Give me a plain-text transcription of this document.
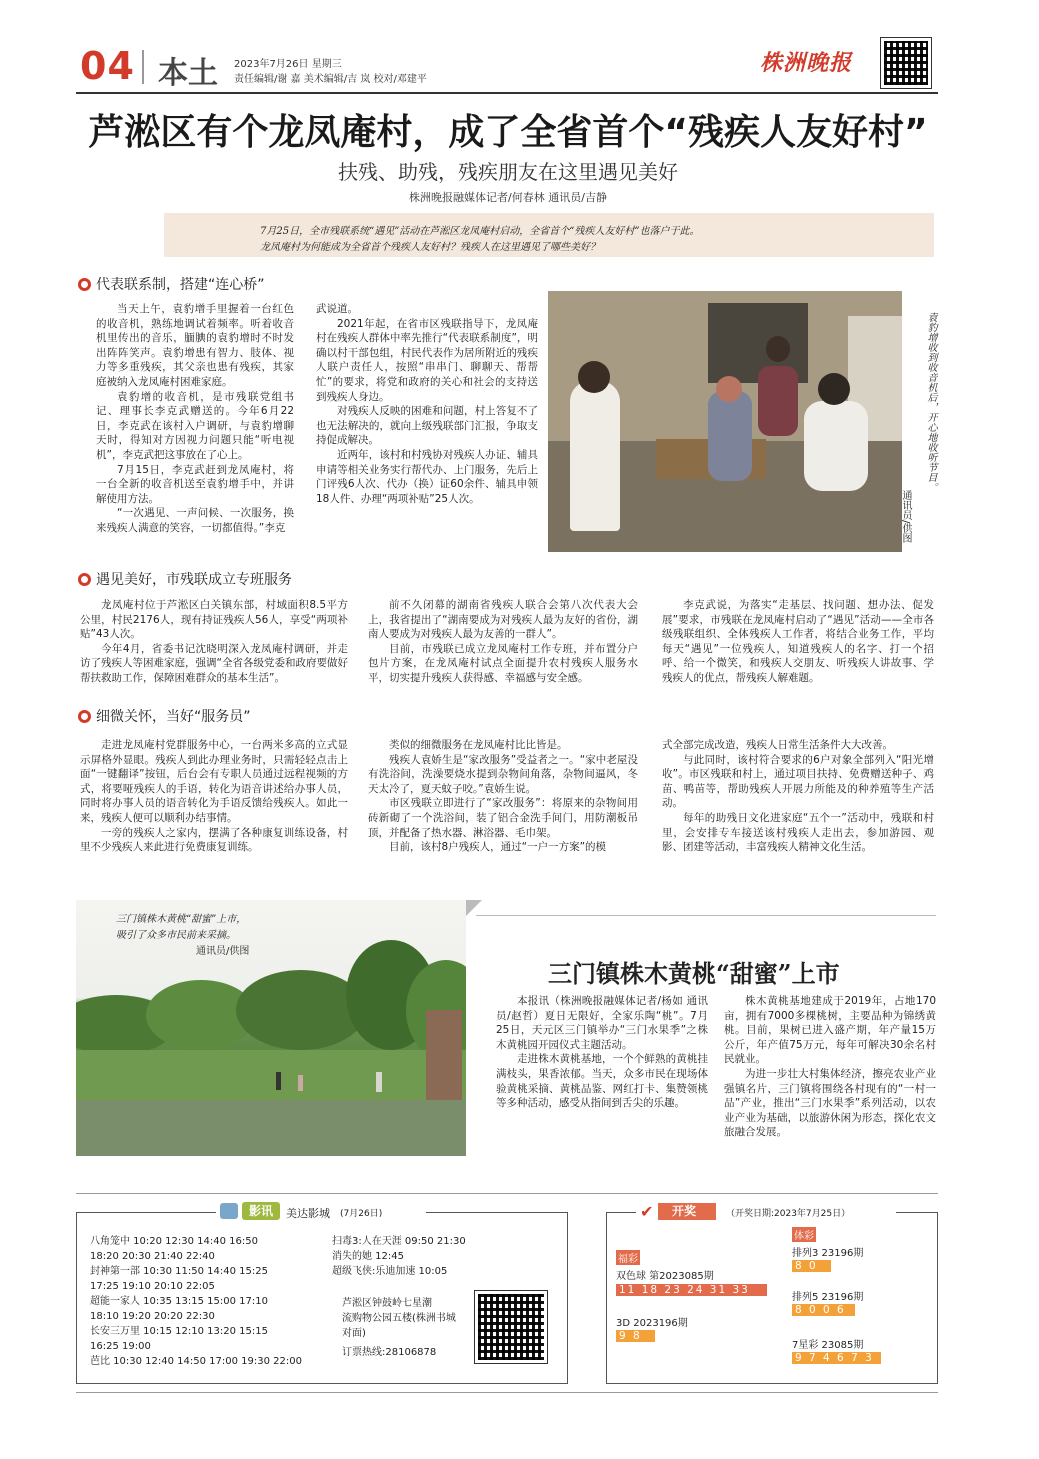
04 本土 2023年7月26日 星期三
责任编辑/谢 嘉 美术编辑/吉 岚 校对/邓建平
株洲晚报
芦淞区有个龙凤庵村，成了全省首个“残疾人友好村”
扶残、助残，残疾朋友在这里遇见美好
株洲晚报融媒体记者/何春林 通讯员/吉静

7月25日，全市残联系统“遇见”活动在芦淞区龙凤庵村启动，全省首个“残疾人友好村”也落户于此。

龙凤庵村为何能成为全省首个残疾人友好村？残疾人在这里遇见了哪些美好？

代表联系制，搭建“连心桥”

当天上午，袁豹增手里握着一台红色的收音机，熟练地调试着频率。听着收音机里传出的音乐，腼腆的袁豹增时不时发出阵阵笑声。袁豹增患有智力、肢体、视力等多重残疾，其父亲也患有残疾，其家庭被纳入龙凤庵村困难家庭。

袁豹增的收音机，是市残联党组书记、理事长李克武赠送的。今年6月22日，李克武在该村入户调研，与袁豹增聊天时，得知对方因视力问题只能“听电视机”，李克武把这事放在了心上。

7月15日，李克武赶到龙凤庵村，将一台全新的收音机送至袁豹增手中，并讲解使用方法。

“一次遇见、一声问候、一次服务，换来残疾人满意的笑容，一切都值得。”李克

武说道。

2021年起，在省市区残联指导下，龙凤庵村在残疾人群体中率先推行“代表联系制度”，明确以村干部包组，村民代表作为居所附近的残疾人联户责任人，按照“串串门、聊聊天、帮帮忙”的要求，将党和政府的关心和社会的支持送到残疾人身边。

对残疾人反映的困难和问题，村上答复不了也无法解决的，就向上级残联部门汇报，争取支持促成解决。

近两年，该村和村残协对残疾人办证、辅具申请等相关业务实行帮代办、上门服务，先后上门评残6人次、代办（换）证60余件、辅具申领18人件、办理“两项补贴”25人次。

袁豹增收到收音机后，开心地收听节目。
通讯员/供图
遇见美好，市残联成立专班服务

龙凤庵村位于芦淞区白关镇东部，村域面积8.5平方公里，村民2176人，现有持证残疾人56人，享受“两项补贴”43人次。

今年4月，省委书记沈晓明深入龙凤庵村调研，并走访了残疾人等困难家庭，强调“全省各级党委和政府要做好帮扶救助工作，保障困难群众的基本生活”。

前不久闭幕的湖南省残疾人联合会第八次代表大会上，我省提出了“湖南要成为对残疾人最为友好的省份，湖南人要成为对残疾人最为友善的一群人”。

目前，市残联已成立龙凤庵村工作专班，并布置分户包片方案，在龙凤庵村试点全面提升农村残疾人服务水平，切实提升残疾人获得感、幸福感与安全感。

李克武说，为落实“走基层、找问题、想办法、促发展”要求，市残联在龙凤庵村启动了“遇见”活动——全市各级残联组织、全体残疾人工作者，将结合业务工作，平均每天“遇见”一位残疾人，知道残疾人的名字、打一个招呼、给一个微笑，和残疾人交朋友、听残疾人讲故事、学残疾人的优点，帮残疾人解难题。

细微关怀，当好“服务员”

走进龙凤庵村党群服务中心，一台两米多高的立式显示屏格外显眼。残疾人到此办理业务时，只需轻轻点击上面“一键翻译”按钮，后台会有专职人员通过远程视频的方式，将要哑残疾人的手语，转化为语音讲述给办事人员，同时将办事人员的语音转化为手语反馈给残疾人。如此一来，残疾人便可以顺利办结事情。

一旁的残疾人之家内，摆满了各种康复训练设备，村里不少残疾人来此进行免费康复训练。

类似的细微服务在龙凤庵村比比皆是。

残疾人袁娇生是“家改服务”受益者之一。“家中老屋没有洗浴间，洗澡要烧水提到杂物间角落，杂物间逼风，冬天太冷了，夏天蚊子咬。”袁娇生说。

市区残联立即进行了“家改服务”：将原来的杂物间用砖新砌了一个洗浴间，装了铝合金洗手间门，用防潮板吊顶，并配备了热水器、淋浴器、毛巾架。

目前，该村8户残疾人，通过“一户一方案”的模

式全部完成改造，残疾人日常生活条件大大改善。

与此同时，该村符合要求的6户对象全部列入“阳光增收”。市区残联和村上，通过项目扶持、免费赠送种子、鸡苗、鸭苗等，帮助残疾人开展力所能及的种养殖等生产活动。

每年的助残日文化进家庭“五个一”活动中，残联和村里，会安排专车接送该村残疾人走出去，参加游园、观影、团建等活动，丰富残疾人精神文化生活。

三门镇株木黄桃“甜蜜”上市，
吸引了众多市民前来采摘。
通讯员/供图
三门镇株木黄桃“甜蜜”上市

本报讯（株洲晚报融媒体记者/杨如 通讯员/赵哲）夏日无限好，全家乐陶“桃”。7月25日，天元区三门镇举办“三门水果季”之株木黄桃园开园仪式主题活动。

走进株木黄桃基地，一个个鲜熟的黄桃挂满枝头，果香浓郁。当天，众多市民在现场体验黄桃采摘、黄桃品鉴、网红打卡、集赞领桃等多种活动，感受从指间到舌尖的乐趣。

株木黄桃基地建成于2019年，占地170亩，拥有7000多棵桃树，主要品种为锦绣黄桃。目前，果树已进入盛产期，年产量15万公斤，年产值75万元，每年可解决30余名村民就业。

为进一步壮大村集体经济，擦亮农业产业强镇名片，三门镇将围绕各村现有的“一村一品”产业，推出“三门水果季”系列活动，以农业产业为基础，以旅游休闲为形态，探化农文旅融合发展。

影讯	美达影城 (7月26日)
八角笼中 10:20 12:30 14:40 16:50
18:20 20:30 21:40 22:40
封神第一部 10:30 11:50 14:40 15:25
17:25 19:10 20:10 22:05
超能一家人 10:35 13:15 15:00 17:10
18:10 19:20 20:20 22:30
长安三万里 10:15 12:10 13:20 15:15
16:25 19:00
芭比 10:30 12:40 14:50 17:00 19:30 22:00
扫毒3:人在天涯 09:50 21:30
消失的她 12:45
超级飞侠:乐迪加速 10:05
芦淞区钟鼓岭七星潮
流购物公园五楼(株洲书城
对面)
订票热线:28106878
✔	开奖	（开奖日期:2023年7月25日）
福彩
双色球 第2023085期
11 18 23 24 31 33 13
3D 2023196期
9 8 5
体彩
排列3 23196期
8 0 0
排列5 23196期
8 0 0 6 6
7星彩 23085期
9 7 4 6 7 3 8
